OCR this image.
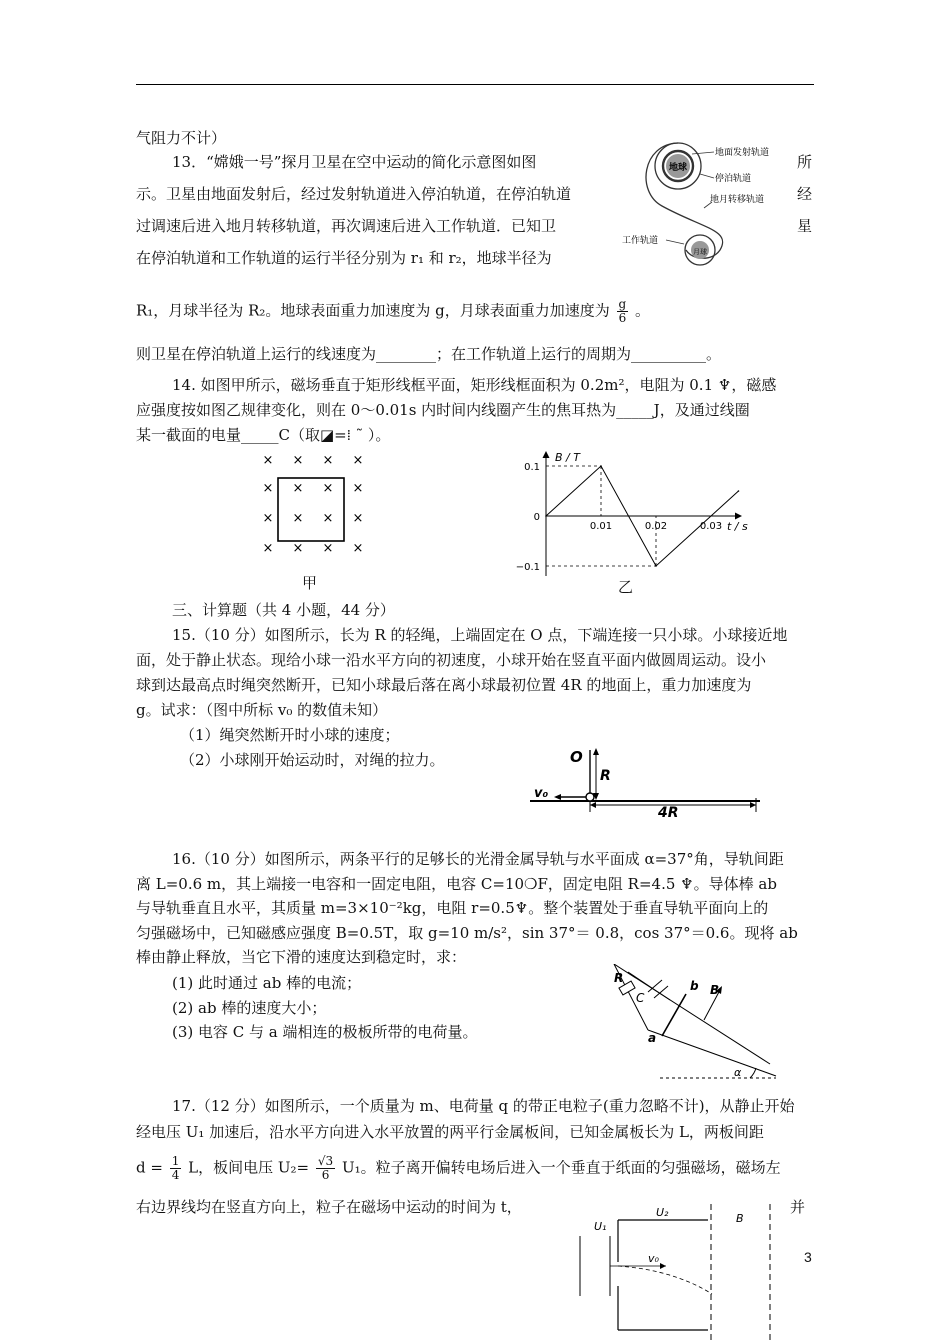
气阻力不计）
13．“嫦娥一号”探月卫星在空中运动的简化示意图如图
示。卫星由地面发射后，经过发射轨道进入停泊轨道，在停泊轨道
过调速后进入地月转移轨道，再次调速后进入工作轨道．已知卫
在停泊轨道和工作轨道的运行半径分别为 r₁ 和 r₂，地球半径为
所
经
星
R₁，月球半径为 R₂。地球表面重力加速度为 g，月球表面重力加速度为 $\frac{g}{6}$ 。
则卫星在停泊轨道上运行的线速度为________；在工作轨道上运行的周期为__________。
地球
月球
地面发射轨道
停泊轨道
地月转移轨道
工作轨道
14. 如图甲所示，磁场垂直于矩形线框平面，矩形线框面积为 0.2m²，电阻为 0.1 ♆，磁感
应强度按如图乙规律变化，则在 0～0.01s 内时间内线圈产生的焦耳热为_____J，及通过线圈
某一截面的电量_____C（取◪=⁞ ˜ ）。
× × × ×
× × × ×
× × × ×
× × × ×
甲
0.01	0.02	0.03
0.1
0
−0.1
B / T
t / s
乙
三、计算题（共 4 小题，44 分）
15.（10 分）如图所示，长为 R 的轻绳，上端固定在 O 点，下端连接一只小球。小球接近地
面，处于静止状态。现给小球一沿水平方向的初速度，小球开始在竖直平面内做圆周运动。设小
球到达最高点时绳突然断开，已知小球最后落在离小球最初位置 4R 的地面上，重力加速度为
g。试求：（图中所标 v₀ 的数值未知）
（1）绳突然断开时小球的速度；
（2）小球刚开始运动时，对绳的拉力。	O
R
v₀
4R
16.（10 分）如图所示，两条平行的足够长的光滑金属导轨与水平面成 α=37°角，导轨间距
离 L=0.6 m，其上端接一电容和一固定电阻，电容 C=10❍F，固定电阻 R=4.5 ♆。导体棒 ab
与导轨垂直且水平，其质量 m=3×10⁻²kg，电阻 r=0.5♆。整个装置处于垂直导轨平面向上的
匀强磁场中，已知磁感应强度 B=0.5T，取 g=10 m/s²，sin 37°＝ 0.8，cos 37°＝0.6。现将 ab
棒由静止释放，当它下滑的速度达到稳定时，求：
(1) 此时通过 ab 棒的电流；
(2) ab 棒的速度大小；
(3) 电容 C 与 a 端相连的极板所带的电荷量。
R
C
b B
a
α
17.（12 分）如图所示，一个质量为 m、电荷量 q 的带正电粒子(重力忽略不计)，从静止开始
经电压 U₁ 加速后，沿水平方向进入水平放置的两平行金属板间，已知金属板长为 L，两板间距
$d = \frac{1}{4}$ L，板间电压 $U_2= \frac{√3}{6} U_1$。粒子离开偏转电场后进入一个垂直于纸面的匀强磁场，磁场左
右边界线均在竖直方向上，粒子在磁场中运动的时间为 t，	并
U₁
U₂	B
v₀	3
